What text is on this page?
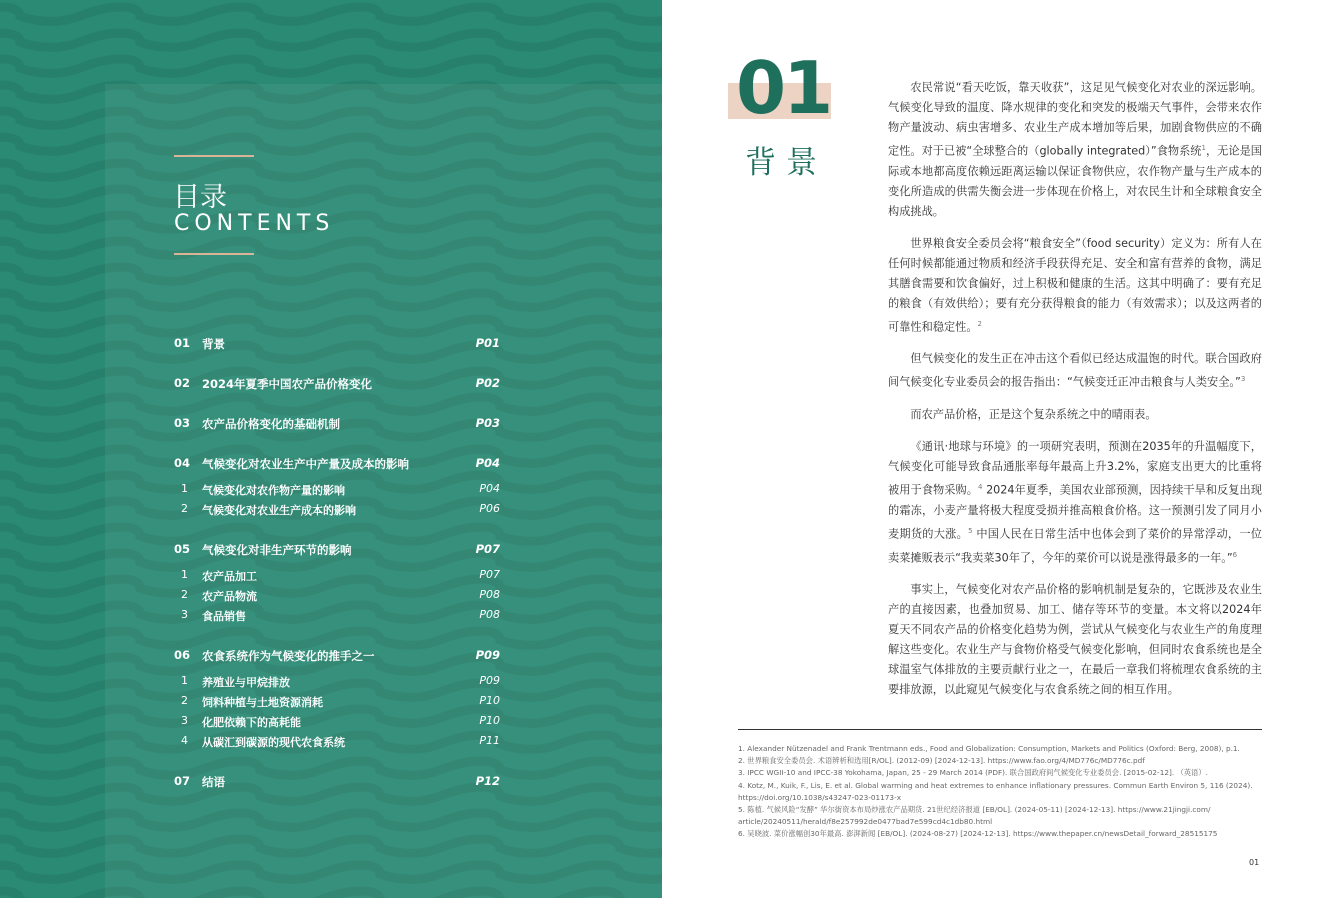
目录
CONTENTS
01 背景	P01
02 2024年夏季中国农产品价格变化	P02
03 农产品价格变化的基础机制	P03
04 气候变化对农业生产中产量及成本的影响	P04
1 气候变化对农作物产量的影响	P04
2 气候变化对农业生产成本的影响	P06
05 气候变化对非生产环节的影响	P07
1 农产品加工	P07
2 农产品物流	P08
3 食品销售	P08
06 农食系统作为气候变化的推手之一	P09
1 养殖业与甲烷排放	P09
2 饲料种植与土地资源消耗	P10
3 化肥依赖下的高耗能	P10
4 从碳汇到碳源的现代农食系统	P11
07 结语	P12
01
背景

农民常说“看天吃饭，靠天收获”，这足见气候变化对农业的深远影响。气候变化导致的温度、降水规律的变化和突发的极端天气事件，会带来农作物产量波动、病虫害增多、农业生产成本增加等后果，加剧食物供应的不确定性。对于已被“全球整合的（globally integrated）”食物系统$^1$，无论是国际或本地都高度依赖远距离运输以保证食物供应，农作物产量与生产成本的变化所造成的供需失衡会进一步体现在价格上，对农民生计和全球粮食安全构成挑战。

世界粮食安全委员会将“粮食安全”（food security）定义为：所有人在任何时候都能通过物质和经济手段获得充足、安全和富有营养的食物，满足其膳食需要和饮食偏好，过上积极和健康的生活。这其中明确了：要有充足的粮食（有效供给）；要有充分获得粮食的能力（有效需求）；以及这两者的可靠性和稳定性。$^2$

但气候变化的发生正在冲击这个看似已经达成温饱的时代。联合国政府间气候变化专业委员会的报告指出：“气候变迁正冲击粮食与人类安全。”$^3$

而农产品价格，正是这个复杂系统之中的晴雨表。

《通讯·地球与环境》的一项研究表明，预测在2035年的升温幅度下，气候变化可能导致食品通胀率每年最高上升3.2%，家庭支出更大的比重将被用于食物采购。$^4$ 2024年夏季，美国农业部预测，因持续干旱和反复出现的霜冻，小麦产量将极大程度受损并推高粮食价格。这一预测引发了同月小麦期货的大涨。$^5$ 中国人民在日常生活中也体会到了菜价的异常浮动，一位卖菜摊贩表示“我卖菜30年了，今年的菜价可以说是涨得最多的一年。”$^6$

事实上，气候变化对农产品价格的影响机制是复杂的，它既涉及农业生产的直接因素，也叠加贸易、加工、储存等环节的变量。本文将以2024年夏天不同农产品的价格变化趋势为例，尝试从气候变化与农业生产的角度理解这些变化。农业生产与食物价格受气候变化影响，但同时农食系统也是全球温室气体排放的主要贡献行业之一，在最后一章我们将梳理农食系统的主要排放源，以此窥见气候变化与农食系统之间的相互作用。

1. Alexander Nützenadel and Frank Trentmann eds., Food and Globalization: Consumption, Markets and Politics (Oxford: Berg, 2008), p.1.
2. 世界粮食安全委员会. 术语辨析和选用[R/OL]. (2012-09) [2024-12-13]. https://www.fao.org/4/MD776c/MD776c.pdf
3. IPCC WGII-10 and IPCC-38 Yokohama, Japan, 25 - 29 March 2014 (PDF). 联合国政府间气候变化专业委员会. [2015-02-12]. （英语）.
4. Kotz, M., Kuik, F., Lis, E. et al. Global warming and heat extremes to enhance inflationary pressures. Commun Earth Environ 5, 116 (2024).
https://doi.org/10.1038/s43247-023-01173-x
5. 陈植. 气候风险“发酵” 华尔街资本布局炒涨农产品期货. 21世纪经济报道 [EB/OL]. (2024-05-11) [2024-12-13]. https://www.21jingji.com/
article/20240511/herald/f8e257992de0477bad7e599cd4c1db80.html
6. 吴晓波. 菜价涨幅创30年最高. 澎湃新闻 [EB/OL]. (2024-08-27) [2024-12-13]. https://www.thepaper.cn/newsDetail_forward_28515175
01
